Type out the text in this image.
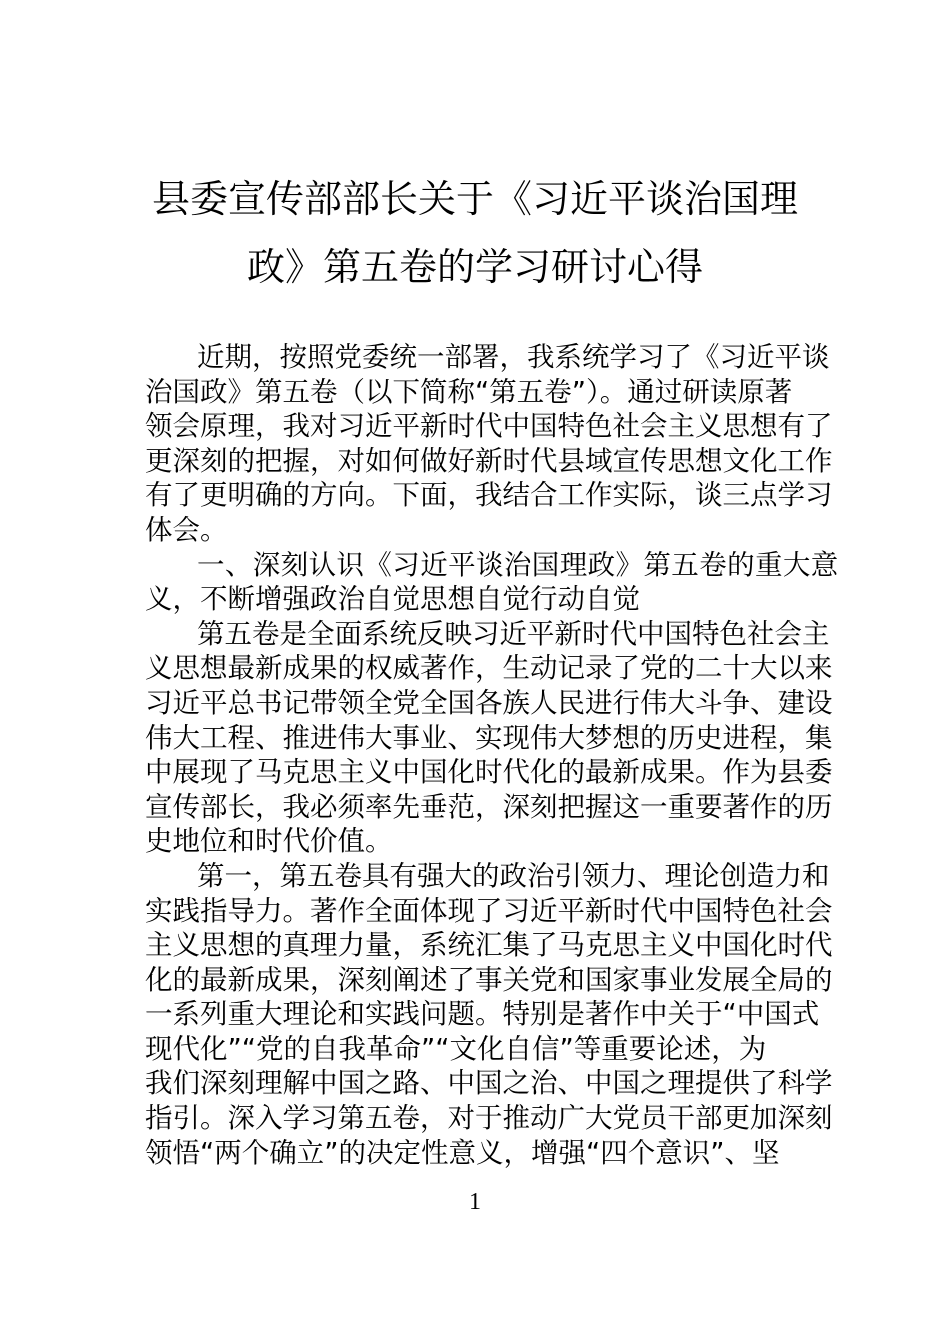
县委宣传部部长关于《习近平谈治国理
政》第五卷的学习研讨心得
近期，按照党委统一部署，我系统学习了《习近平谈
治国政》第五卷（以下简称“第五卷”）。通过研读原著
领会原理，我对习近平新时代中国特色社会主义思想有了
更深刻的把握，对如何做好新时代县域宣传思想文化工作
有了更明确的方向。下面，我结合工作实际，谈三点学习
体会。
一、深刻认识《习近平谈治国理政》第五卷的重大意
义，不断增强政治自觉思想自觉行动自觉
第五卷是全面系统反映习近平新时代中国特色社会主
义思想最新成果的权威著作，生动记录了党的二十大以来
习近平总书记带领全党全国各族人民进行伟大斗争、建设
伟大工程、推进伟大事业、实现伟大梦想的历史进程，集
中展现了马克思主义中国化时代化的最新成果。作为县委
宣传部长，我必须率先垂范，深刻把握这一重要著作的历
史地位和时代价值。
第一，第五卷具有强大的政治引领力、理论创造力和
实践指导力。著作全面体现了习近平新时代中国特色社会
主义思想的真理力量，系统汇集了马克思主义中国化时代
化的最新成果，深刻阐述了事关党和国家事业发展全局的
一系列重大理论和实践问题。特别是著作中关于“中国式
现代化”“党的自我革命”“文化自信”等重要论述，为
我们深刻理解中国之路、中国之治、中国之理提供了科学
指引。深入学习第五卷，对于推动广大党员干部更加深刻
领悟“两个确立”的决定性意义，增强“四个意识”、坚
1
